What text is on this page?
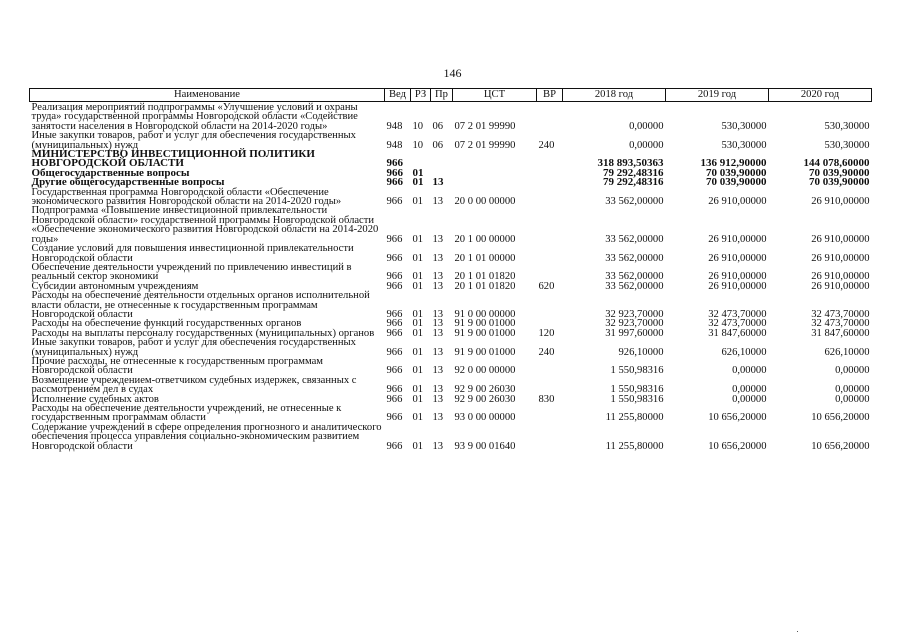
146
Наименование	Вед	РЗ	Пр	ЦСТ	ВР	2018 год	2019 год	2020 год
Реализация мероприятий подпрограммы «Улучшение условий и охраны труда» государственной программы Новгородской области «Содействие занятости населения в Новгородской области на 2014-2020 годы»	948	10	06	07 2 01 99990		0,00000	530,30000	530,30000
Иные закупки товаров, работ и услуг для обеспечения государственных (муниципальных) нужд	948	10	06	07 2 01 99990	240	0,00000	530,30000	530,30000
МИНИСТЕРСТВО ИНВЕСТИЦИОННОЙ ПОЛИТИКИ НОВГОРОДСКОЙ ОБЛАСТИ	966					318 893,50363	136 912,90000	144 078,60000
Общегосударственные вопросы	966	01				79 292,48316	70 039,90000	70 039,90000
Другие общегосударственные вопросы	966	01	13			79 292,48316	70 039,90000	70 039,90000
Государственная программа Новгородской области «Обеспечение экономического развития Новгородской области на 2014-2020 годы»	966	01	13	20 0 00 00000		33 562,00000	26 910,00000	26 910,00000
Подпрограмма «Повышение инвестиционной привлекательности Новгородской области» государственной программы Новгородской области «Обеспечение экономического развития Новгородской области на 2014-2020 годы»	966	01	13	20 1 00 00000		33 562,00000	26 910,00000	26 910,00000
Создание условий для повышения инвестиционной привлекательности Новгородской области	966	01	13	20 1 01 00000		33 562,00000	26 910,00000	26 910,00000
Обеспечение деятельности учреждений по привлечению инвестиций в реальный сектор экономики	966	01	13	20 1 01 01820		33 562,00000	26 910,00000	26 910,00000
Субсидии автономным учреждениям	966	01	13	20 1 01 01820	620	33 562,00000	26 910,00000	26 910,00000
Расходы на обеспечение деятельности отдельных органов исполнительной власти области, не отнесенные к государственным программам Новгородской области	966	01	13	91 0 00 00000		32 923,70000	32 473,70000	32 473,70000
Расходы на обеспечение функций государственных органов	966	01	13	91 9 00 01000		32 923,70000	32 473,70000	32 473,70000
Расходы на выплаты персоналу государственных (муниципальных) органов	966	01	13	91 9 00 01000	120	31 997,60000	31 847,60000	31 847,60000
Иные закупки товаров, работ и услуг для обеспечения государственных (муниципальных) нужд	966	01	13	91 9 00 01000	240	926,10000	626,10000	626,10000
Прочие расходы, не отнесенные к государственным программам Новгородской области	966	01	13	92 0 00 00000		1 550,98316	0,00000	0,00000
Возмещение учреждением-ответчиком судебных издержек, связанных с рассмотрением дел в судах	966	01	13	92 9 00 26030		1 550,98316	0,00000	0,00000
Исполнение судебных актов	966	01	13	92 9 00 26030	830	1 550,98316	0,00000	0,00000
Расходы на обеспечение деятельности учреждений, не отнесенные к государственным программам области	966	01	13	93 0 00 00000		11 255,80000	10 656,20000	10 656,20000
Содержание учреждений в сфере определения прогнозного и аналитического обеспечения процесса управления социально-экономическим развитием Новгородской области	966	01	13	93 9 00 01640		11 255,80000	10 656,20000	10 656,20000
